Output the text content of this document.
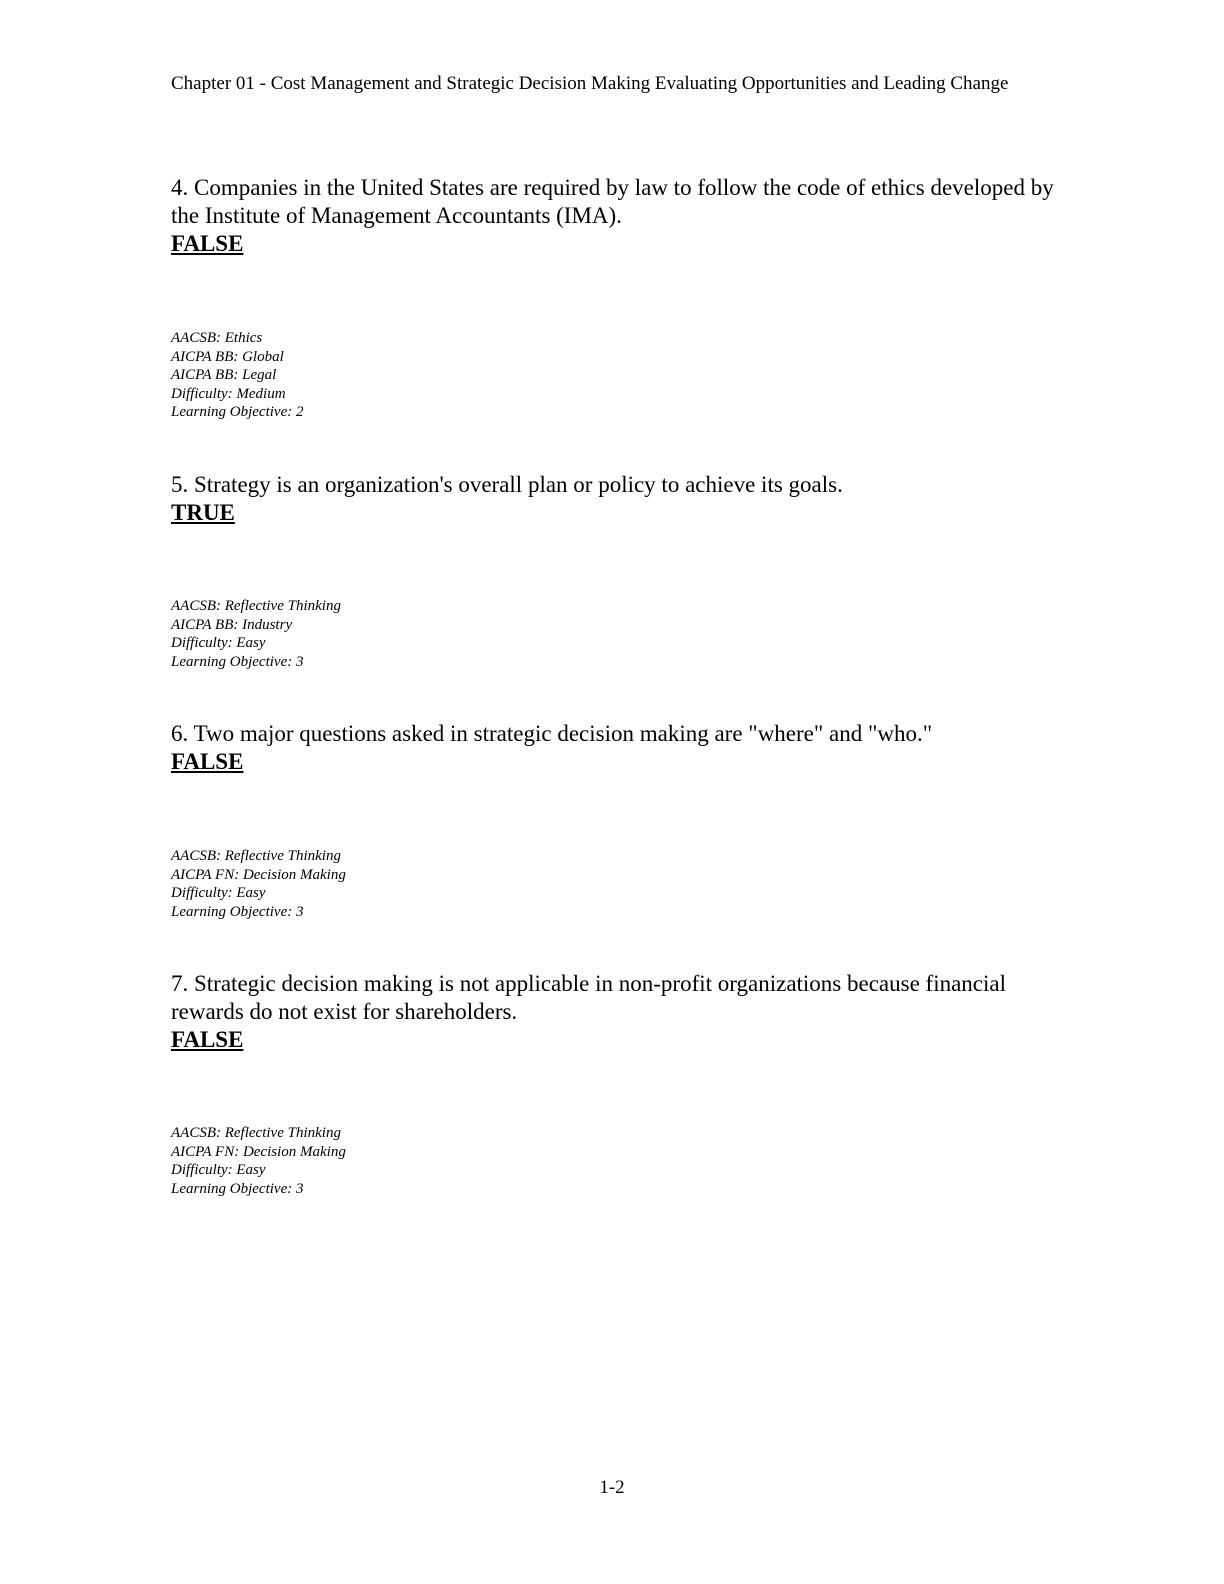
Chapter 01 - Cost Management and Strategic Decision Making Evaluating Opportunities and Leading Change

4. Companies in the United States are required by law to follow the code of ethics developed by the Institute of Management Accountants (IMA).

FALSE

AACSB: Ethics
AICPA BB: Global
AICPA BB: Legal
Difficulty: Medium
Learning Objective: 2

5. Strategy is an organization's overall plan or policy to achieve its goals.

TRUE

AACSB: Reflective Thinking
AICPA BB: Industry
Difficulty: Easy
Learning Objective: 3

6. Two major questions asked in strategic decision making are "where" and "who."

FALSE

AACSB: Reflective Thinking
AICPA FN: Decision Making
Difficulty: Easy
Learning Objective: 3

7. Strategic decision making is not applicable in non-profit organizations because financial rewards do not exist for shareholders.

FALSE

AACSB: Reflective Thinking
AICPA FN: Decision Making
Difficulty: Easy
Learning Objective: 3
1-2
